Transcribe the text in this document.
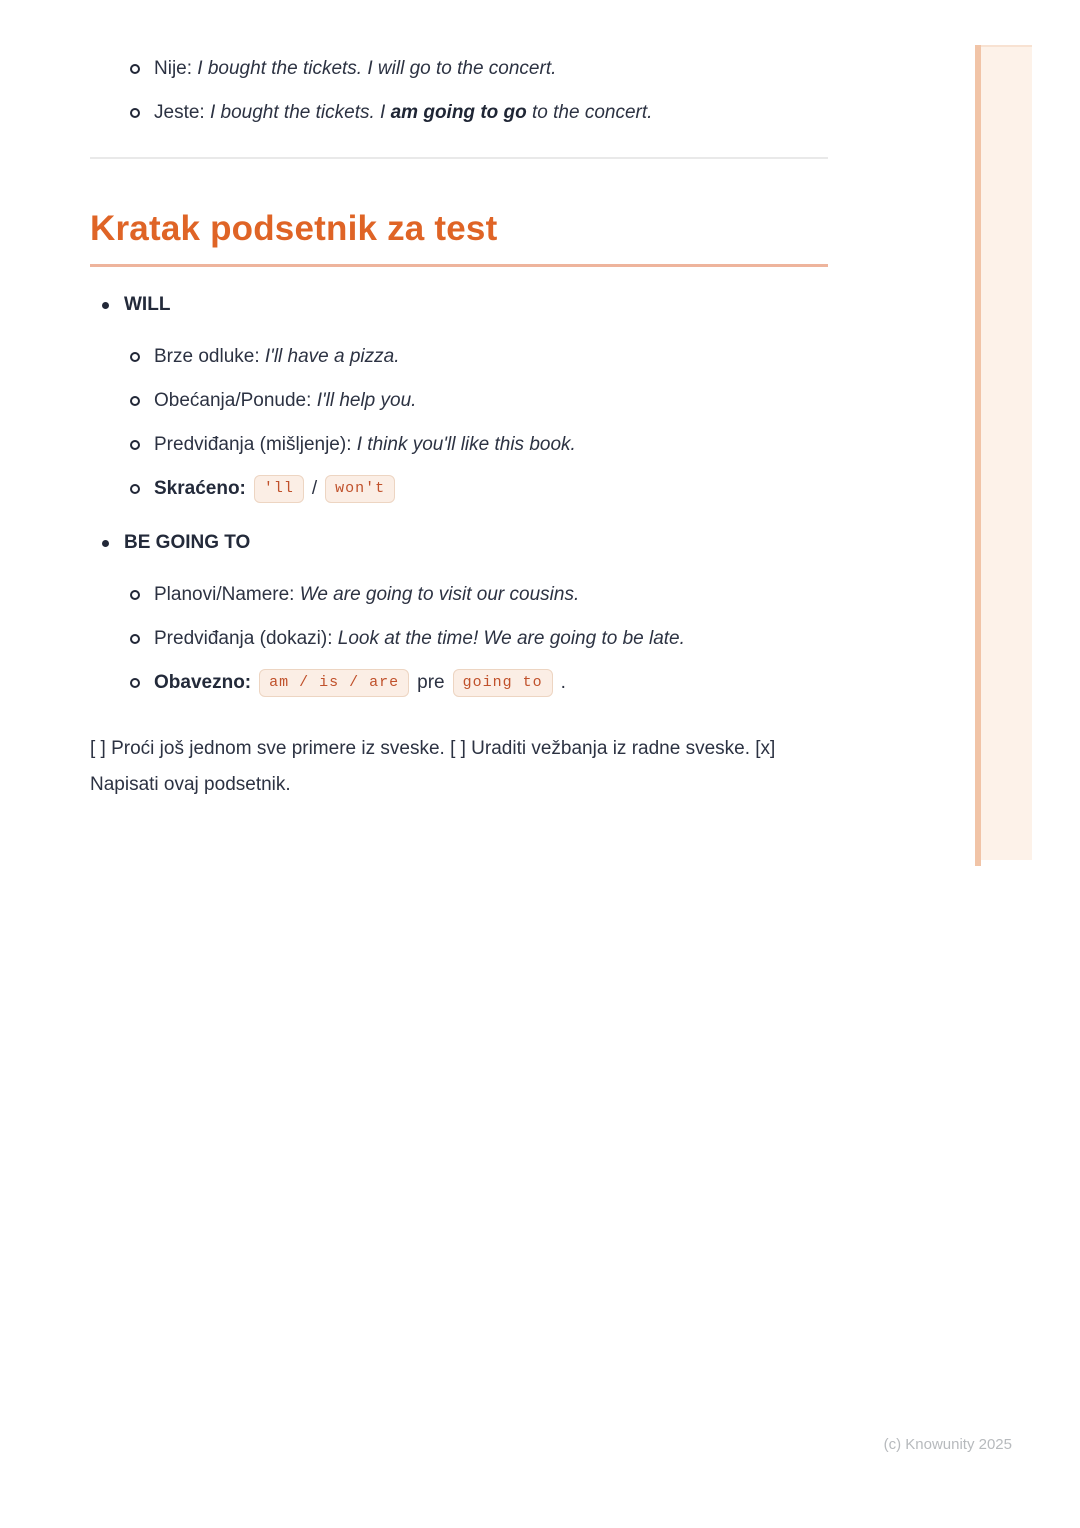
Nije: I bought the tickets. I will go to the concert.

Jeste: I bought the tickets. I am going to go to the concert.

Kratak podsetnik za test

WILL

Brze odluke: I'll have a pizza.

Obećanja/Ponude: I'll help you.

Predviđanja (mišljenje): I think you'll like this book.

Skraćeno: 'll / won't

BE GOING TO

Planovi/Namere: We are going to visit our cousins.

Predviđanja (dokazi): Look at the time! We are going to be late.

Obavezno: am / is / are pre going to .

[ ] Proći još jednom sve primere iz sveske. [ ] Uraditi vežbanja iz radne sveske. [x] Napisati ovaj podsetnik.

(c) Knowunity 2025
